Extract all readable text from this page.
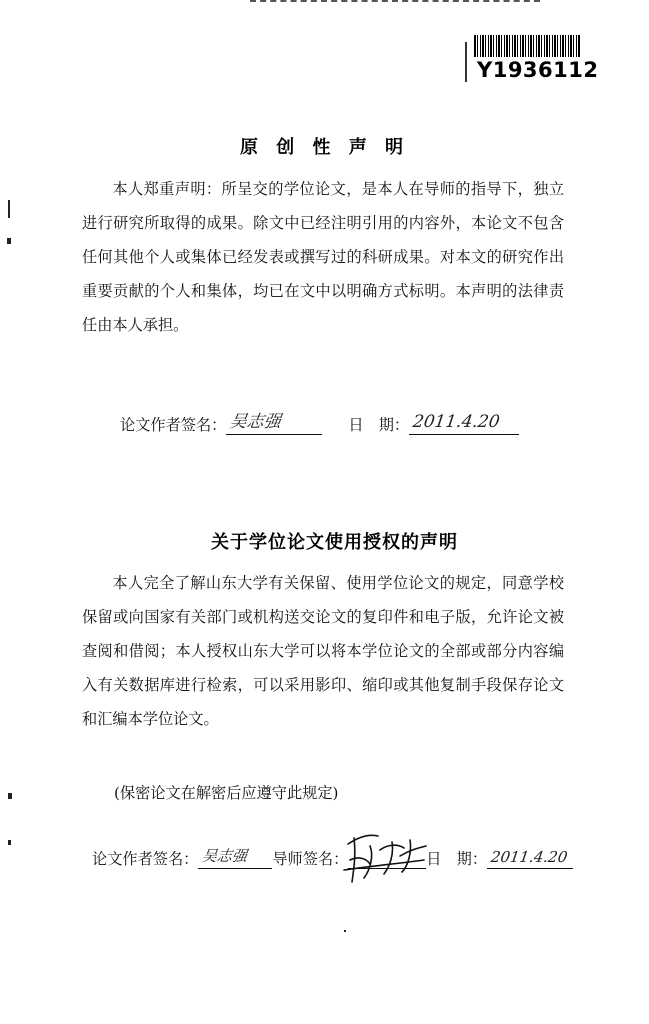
Y1936112
原 创 性 声 明

本人郑重声明：所呈交的学位论文，是本人在导师的指导下，独立进行研究所取得的成果。除文中已经注明引用的内容外，本论文不包含任何其他个人或集体已经发表或撰写过的科研成果。对本文的研究作出重要贡献的个人和集体，均已在文中以明确方式标明。本声明的法律责任由本人承担。

论文作者签名： 吴志强	日　期： 2011.4.20
关于学位论文使用授权的声明

本人完全了解山东大学有关保留、使用学位论文的规定，同意学校保留或向国家有关部门或机构送交论文的复印件和电子版，允许论文被查阅和借阅；本人授权山东大学可以将本学位论文的全部或部分内容编入有关数据库进行检索，可以采用影印、缩印或其他复制手段保存论文和汇编本学位论文。

(保密论文在解密后应遵守此规定)
论文作者签名： 吴志强 导师签名：	日　期： 2011.4.20
